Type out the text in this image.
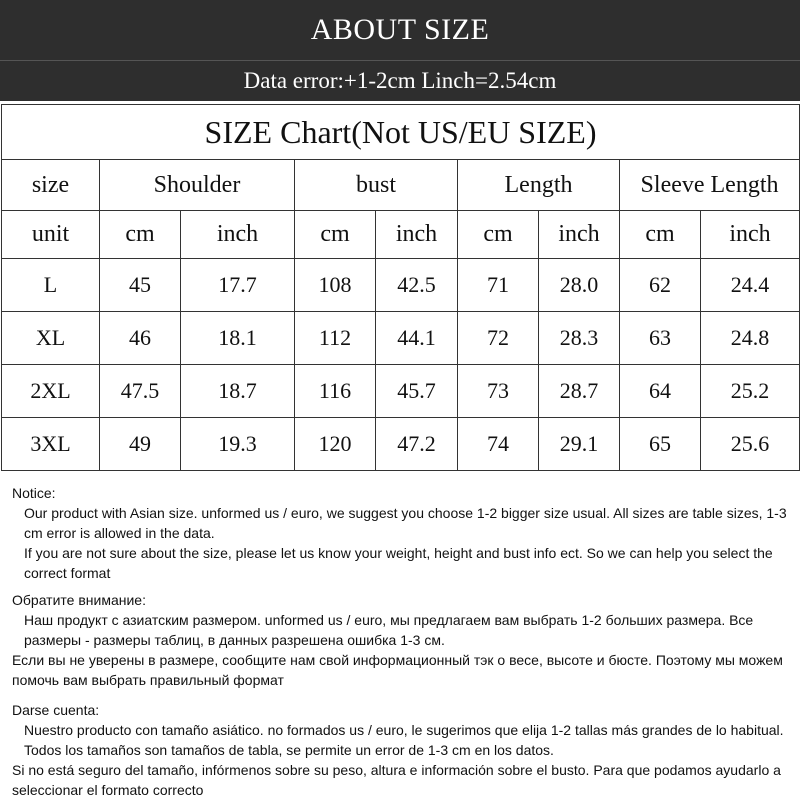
ABOUT SIZE
Data error:+1-2cm Linch=2.54cm
SIZE Chart(Not US/EU SIZE)								
size	Shoulder		bust		Length		Sleeve Length	
unit	cm	inch	cm	inch	cm	inch	cm	inch
L	45	17.7	108	42.5	71	28.0	62	24.4
XL	46	18.1	112	44.1	72	28.3	63	24.8
2XL	47.5	18.7	116	45.7	73	28.7	64	25.2
3XL	49	19.3	120	47.2	74	29.1	65	25.6

Notice:

Our product with Asian size. unformed us / euro, we suggest you choose 1-2 bigger size usual. All sizes are table sizes, 1-3 cm error is allowed in the data.

If you are not sure about the size, please let us know your weight, height and bust info ect. So we can help you select the correct format

Обратите внимание:

Наш продукт с азиатским размером. unformed us / euro, мы предлагаем вам выбрать 1-2 больших размера. Все размеры - размеры таблиц, в данных разрешена ошибка 1-3 см.

Если вы не уверены в размере, сообщите нам свой информационный тэк о весе, высоте и бюсте. Поэтому мы можем помочь вам выбрать правильный формат

Darse cuenta:

Nuestro producto con tamaño asiático. no formados us / euro, le sugerimos que elija 1-2 tallas más grandes de lo habitual. Todos los tamaños son tamaños de tabla, se permite un error de 1-3 cm en los datos.

Si no está seguro del tamaño, infórmenos sobre su peso, altura e información sobre el busto. Para que podamos ayudarlo a seleccionar el formato correcto
